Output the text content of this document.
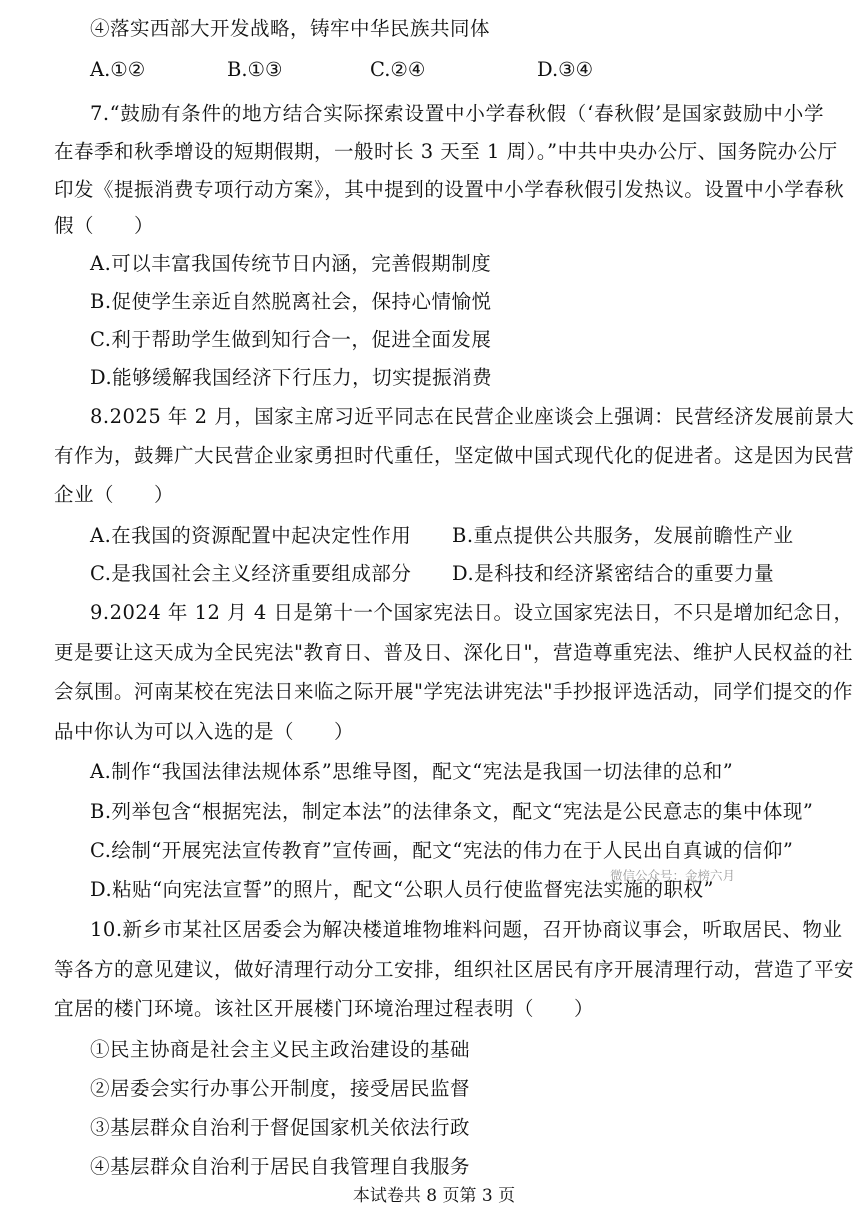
④落实西部大开发战略，铸牢中华民族共同体
A.①②	B.①③	C.②④	D.③④
7.“鼓励有条件的地方结合实际探索设置中小学春秋假（‘春秋假’是国家鼓励中小学
在春季和秋季增设的短期假期，一般时长 3 天至 1 周）。”中共中央办公厅、国务院办公厅
印发《提振消费专项行动方案》，其中提到的设置中小学春秋假引发热议。设置中小学春秋
假（　　）
A.可以丰富我国传统节日内涵，完善假期制度
B.促使学生亲近自然脱离社会，保持心情愉悦
C.利于帮助学生做到知行合一，促进全面发展
D.能够缓解我国经济下行压力，切实提振消费
8.2025 年 2 月，国家主席习近平同志在民营企业座谈会上强调：民营经济发展前景大
有作为，鼓舞广大民营企业家勇担时代重任，坚定做中国式现代化的促进者。这是因为民营
企业（　　）
A.在我国的资源配置中起决定性作用 B.重点提供公共服务，发展前瞻性产业
C.是我国社会主义经济重要组成部分 D.是科技和经济紧密结合的重要力量
9.2024 年 12 月 4 日是第十一个国家宪法日。设立国家宪法日，不只是增加纪念日，
更是要让这天成为全民宪法"教育日、普及日、深化日"，营造尊重宪法、维护人民权益的社
会氛围。河南某校在宪法日来临之际开展"学宪法讲宪法"手抄报评选活动，同学们提交的作
品中你认为可以入选的是（　　）
A.制作“我国法律法规体系”思维导图，配文“宪法是我国一切法律的总和”
B.列举包含“根据宪法，制定本法”的法律条文，配文“宪法是公民意志的集中体现”
C.绘制“开展宪法宣传教育”宣传画，配文“宪法的伟力在于人民出自真诚的信仰”
D.粘贴“向宪法宣誓”的照片，配文“公职人员行使监督宪法实施的职权”
微信公众号：金榜六月
10.新乡市某社区居委会为解决楼道堆物堆料问题，召开协商议事会，听取居民、物业
等各方的意见建议，做好清理行动分工安排，组织社区居民有序开展清理行动，营造了平安
宜居的楼门环境。该社区开展楼门环境治理过程表明（　　）
①民主协商是社会主义民主政治建设的基础
②居委会实行办事公开制度，接受居民监督
③基层群众自治利于督促国家机关依法行政
④基层群众自治利于居民自我管理自我服务
本试卷共 8 页第 3 页
